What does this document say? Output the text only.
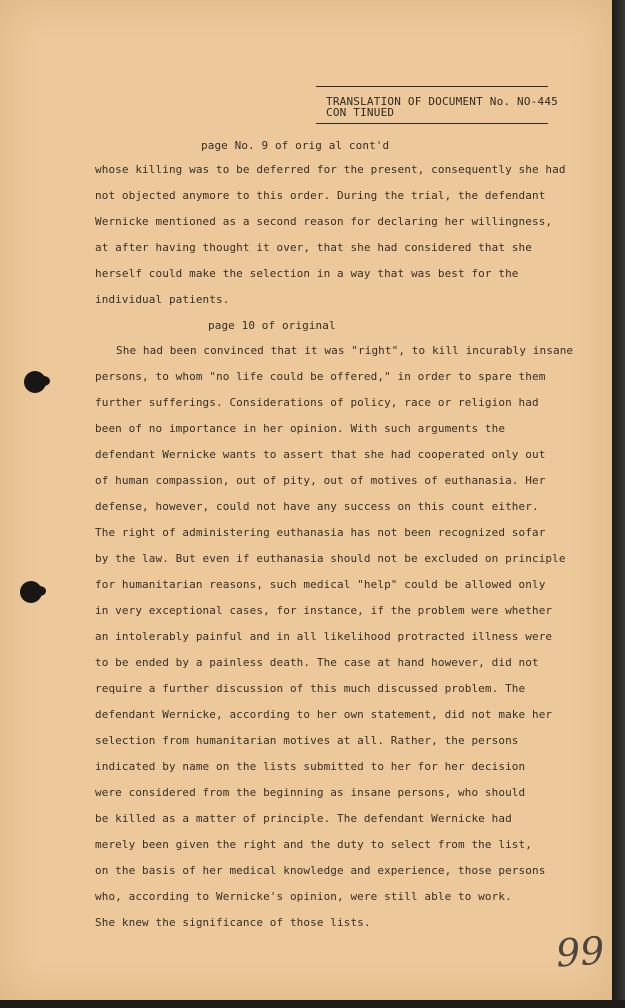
TRANSLATION OF DOCUMENT No. NO-445
CON TINUED
page No. 9 of orig al cont'd
whose killing was to be deferred for the present, consequently she had
not objected anymore to this order. During the trial, the defendant
Wernicke mentioned as a second reason for declaring her willingness,
at after having thought it over, that she had considered that she
herself could make the selection in a way that was best for the
individual patients.
page 10 of original
She had been convinced that it was "right", to kill incurably insane
persons, to whom "no life could be offered," in order to spare them
further sufferings. Considerations of policy, race or religion had
been of no importance in her opinion. With such arguments the
defendant Wernicke wants to assert that she had cooperated only out
of human compassion, out of pity, out of motives of euthanasia. Her
defense, however, could not have any success on this count either.
The right of administering euthanasia has not been recognized sofar
by the law. But even if euthanasia should not be excluded on principle
for humanitarian reasons, such medical "help" could be allowed only
in very exceptional cases, for instance, if the problem were whether
an intolerably painful and in all likelihood protracted illness were
to be ended by a painless death. The case at hand however, did not
require a further discussion of this much discussed problem. The
defendant Wernicke, according to her own statement, did not make her
selection from humanitarian motives at all. Rather, the persons
indicated by name on the lists submitted to her for her decision
were considered from the beginning as insane persons, who should
be killed as a matter of principle. The defendant Wernicke had
merely been given the right and the duty to select from the list,
on the basis of her medical knowledge and experience, those persons
who, according to Wernicke's opinion, were still able to work.
She knew the significance of those lists.
99
